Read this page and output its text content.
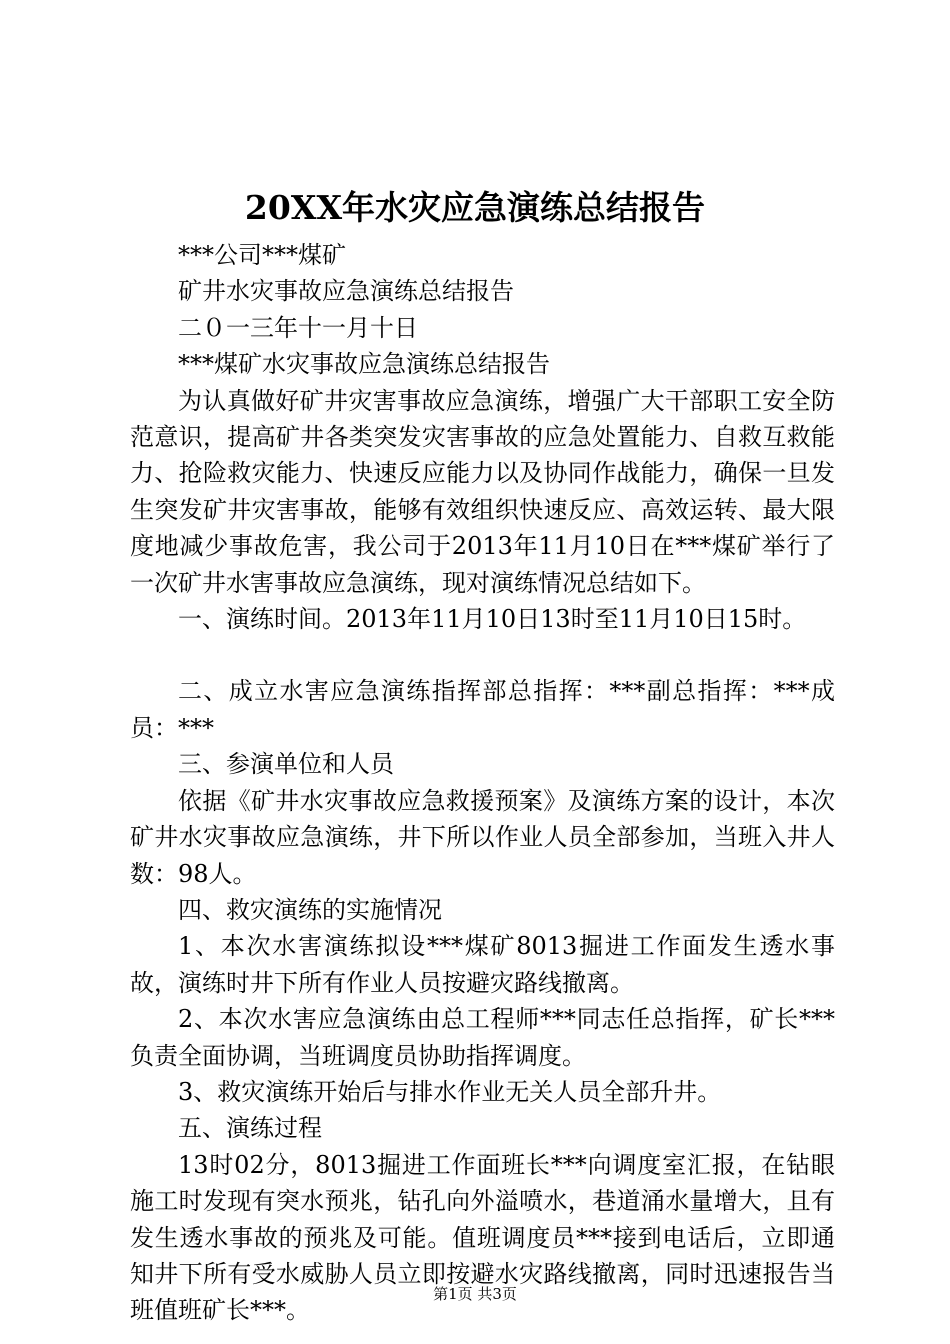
20XX年水灾应急演练总结报告

***公司***煤矿

矿井水灾事故应急演练总结报告

二０一三年十一月十日

***煤矿水灾事故应急演练总结报告

为认真做好矿井灾害事故应急演练，增强广大干部职工安全防范意识，提高矿井各类突发灾害事故的应急处置能力、自救互救能力、抢险救灾能力、快速反应能力以及协同作战能力，确保一旦发生突发矿井灾害事故，能够有效组织快速反应、高效运转、最大限度地减少事故危害，我公司于2013年11月10日在***煤矿举行了一次矿井水害事故应急演练，现对演练情况总结如下。

一、演练时间。2013年11月10日13时至11月10日15时。

二、成立水害应急演练指挥部总指挥：***副总指挥：***成员：***

三、参演单位和人员

依据《矿井水灾事故应急救援预案》及演练方案的设计，本次矿井水灾事故应急演练，井下所以作业人员全部参加，当班入井人数：98人。

四、救灾演练的实施情况

1、本次水害演练拟设***煤矿8013掘进工作面发生透水事故，演练时井下所有作业人员按避灾路线撤离。

2、本次水害应急演练由总工程师***同志任总指挥，矿长***负责全面协调，当班调度员协助指挥调度。

3、救灾演练开始后与排水作业无关人员全部升井。

五、演练过程

13时02分，8013掘进工作面班长***向调度室汇报，在钻眼施工时发现有突水预兆，钻孔向外溢喷水，巷道涌水量增大，且有发生透水事故的预兆及可能。值班调度员***接到电话后，立即通知井下所有受水威胁人员立即按避水灾路线撤离，同时迅速报告当班值班矿长***。

第1页 共3页
